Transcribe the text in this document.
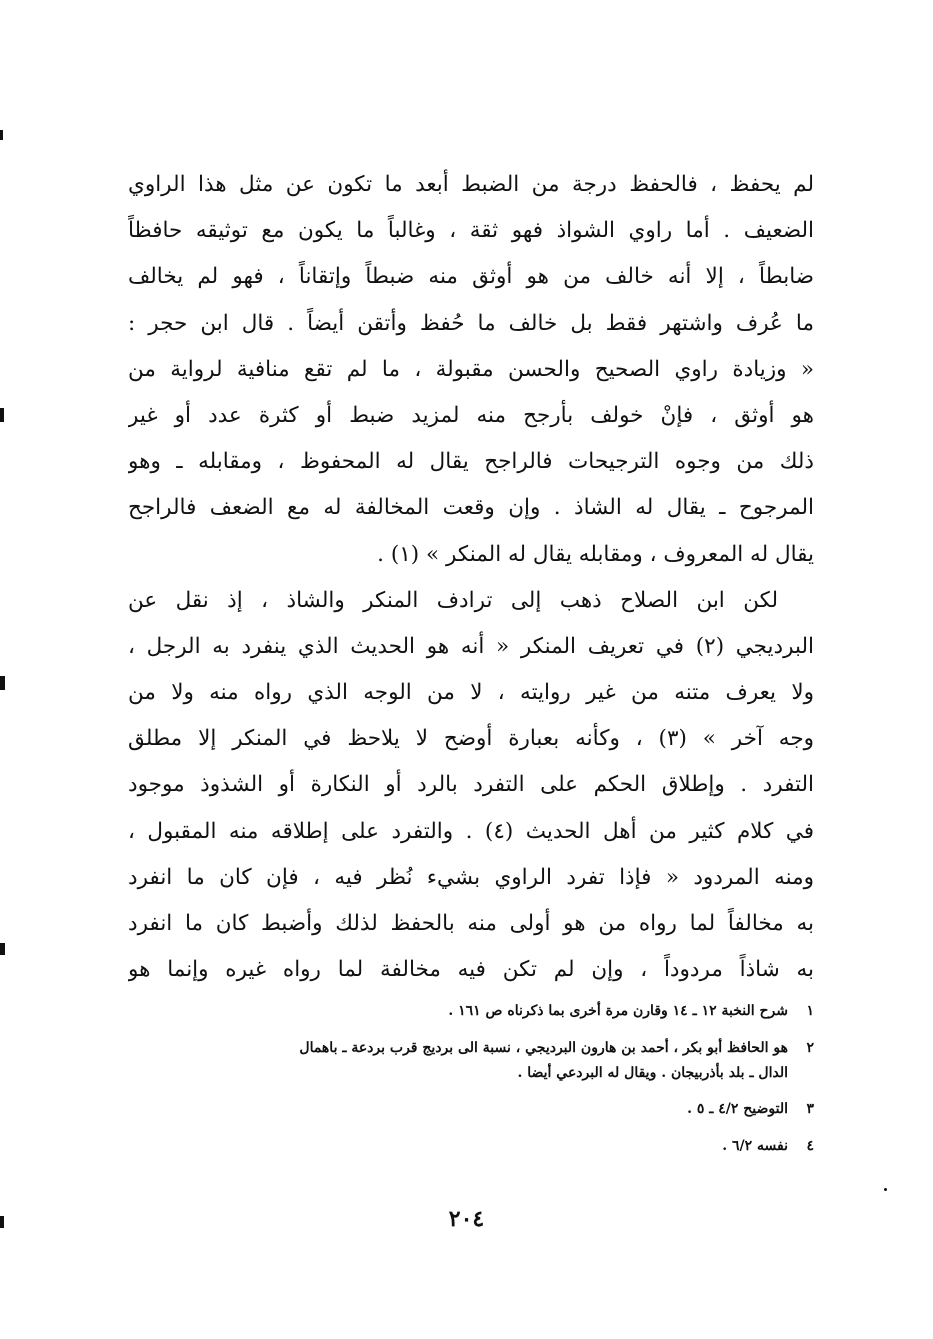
لم يحفظ ، فالحفظ درجة من الضبط أبعد ما تكون عن مثل هذا الراوي
الضعيف . أما راوي الشواذ فهو ثقة ، وغالباً ما يكون مع توثيقه حافظاً
ضابطاً ، إلا أنه خالف من هو أوثق منه ضبطاً وإتقاناً ، فهو لم يخالف
ما عُرف واشتهر فقط بل خالف ما حُفظ وأتقن أيضاً . قال ابن حجر :
« وزيادة راوي الصحيح والحسن مقبولة ، ما لم تقع منافية لرواية من
هو أوثق ، فإنْ خولف بأرجح منه لمزيد ضبط أو كثرة عدد أو غير
ذلك من وجوه الترجيحات فالراجح يقال له المحفوظ ، ومقابله ـ وهو
المرجوح ـ يقال له الشاذ . وإن وقعت المخالفة له مع الضعف فالراجح
يقال له المعروف ، ومقابله يقال له المنكر » (١) .
لكن ابن الصلاح ذهب إلى ترادف المنكر والشاذ ، إذ نقل عن
البرديجي (٢) في تعريف المنكر « أنه هو الحديث الذي ينفرد به الرجل ،
ولا يعرف متنه من غير روايته ، لا من الوجه الذي رواه منه ولا من
وجه آخر » (٣) ، وكأنه بعبارة أوضح لا يلاحظ في المنكر إلا مطلق
التفرد . وإطلاق الحكم على التفرد بالرد أو النكارة أو الشذوذ موجود
في كلام كثير من أهل الحديث (٤) . والتفرد على إطلاقه منه المقبول ،
ومنه المردود « فإذا تفرد الراوي بشيء نُظر فيه ، فإن كان ما انفرد
به مخالفاً لما رواه من هو أولى منه بالحفظ لذلك وأضبط كان ما انفرد
به شاذاً مردوداً ، وإن لم تكن فيه مخالفة لما رواه غيره وإنما هو
١شرح النخبة ١٢ ـ ١٤ وقارن مرة أخرى بما ذكرناه ص ١٦١ .
٢هو الحافظ أبو بكر ، أحمد بن هارون البرديجي ، نسبة الى برديج قرب بردعة ـ باهمال
الدال ـ بلد بأذربيجان . ويقال له البردعي أيضا .
٣التوضيح ٤/٢ ـ ٥ .
٤نفسه ٦/٢ .
٢٠٤
